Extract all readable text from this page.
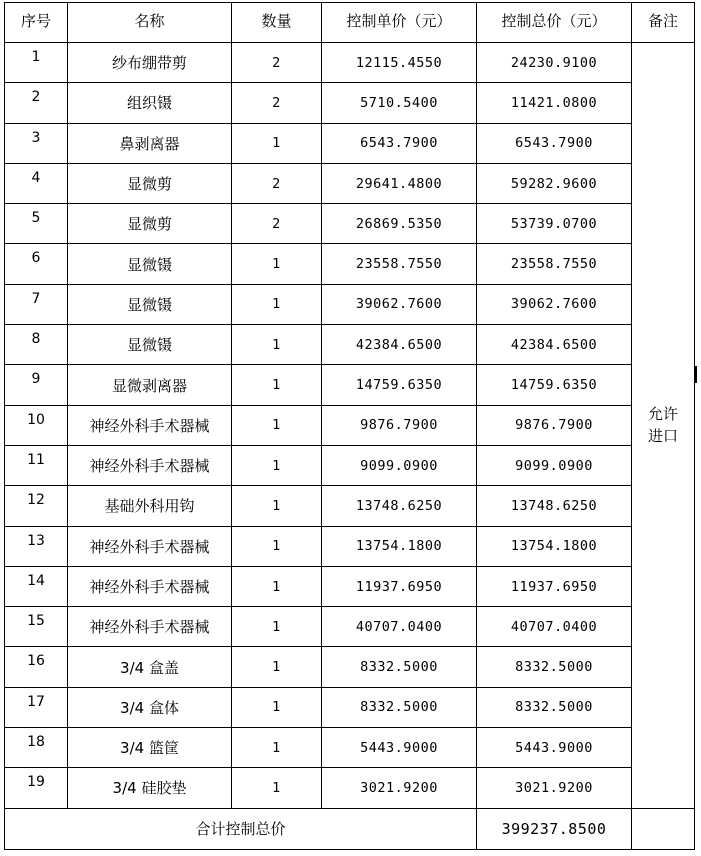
序号	名称	数量	控制单价（元）	控制总价（元）	备注
1	纱布绷带剪	2	12115.4550	24230.9100	允许
进口
2	组织镊	2	5710.5400	11421.0800	
3	鼻剥离器	1	6543.7900	6543.7900	
4	显微剪	2	29641.4800	59282.9600	
5	显微剪	2	26869.5350	53739.0700	
6	显微镊	1	23558.7550	23558.7550	
7	显微镊	1	39062.7600	39062.7600	
8	显微镊	1	42384.6500	42384.6500	
9	显微剥离器	1	14759.6350	14759.6350	
10	神经外科手术器械	1	9876.7900	9876.7900	
11	神经外科手术器械	1	9099.0900	9099.0900	
12	基础外科用钩	1	13748.6250	13748.6250	
13	神经外科手术器械	1	13754.1800	13754.1800	
14	神经外科手术器械	1	11937.6950	11937.6950	
15	神经外科手术器械	1	40707.0400	40707.0400	
16	3/4 盒盖	1	8332.5000	8332.5000	
17	3/4 盒体	1	8332.5000	8332.5000	
18	3/4 篮筐	1	5443.9000	5443.9000	
19	3/4 硅胶垫	1	3021.9200	3021.9200	
合计控制总价				399237.8500	
